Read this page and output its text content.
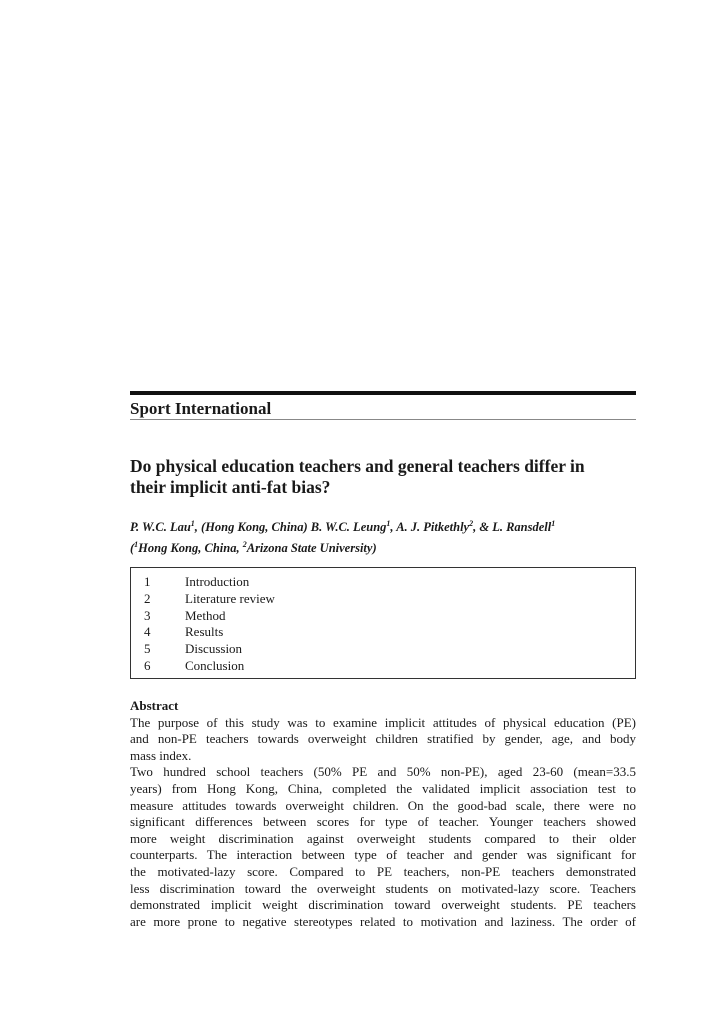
Sport International
Do physical education teachers and general teachers differ in
their implicit anti-fat bias?
P. W.C. Lau$^1$, (Hong Kong, China) B. W.C. Leung$^1$, A. J. Pitkethly$^2$, & L. Ransdell$^1$
($^1$Hong Kong, China, $^2$Arizona State University)
1	Introduction
2	Literature review
3	Method
4	Results
5	Discussion
6	Conclusion
Abstract
The purpose of this study was to examine implicit attitudes of physical education (PE)
and non-PE teachers towards overweight children stratified by gender, age, and body
mass index.
Two hundred school teachers (50% PE and 50% non-PE), aged 23-60 (mean=33.5
years) from Hong Kong, China, completed the validated implicit association test to
measure attitudes towards overweight children. On the good-bad scale, there were no
significant differences between scores for type of teacher. Younger teachers showed
more weight discrimination against overweight students compared to their older
counterparts. The interaction between type of teacher and gender was significant for
the motivated-lazy score. Compared to PE teachers, non-PE teachers demonstrated
less discrimination toward the overweight students on motivated-lazy score. Teachers
demonstrated implicit weight discrimination toward overweight students. PE teachers
are more prone to negative stereotypes related to motivation and laziness. The order of
